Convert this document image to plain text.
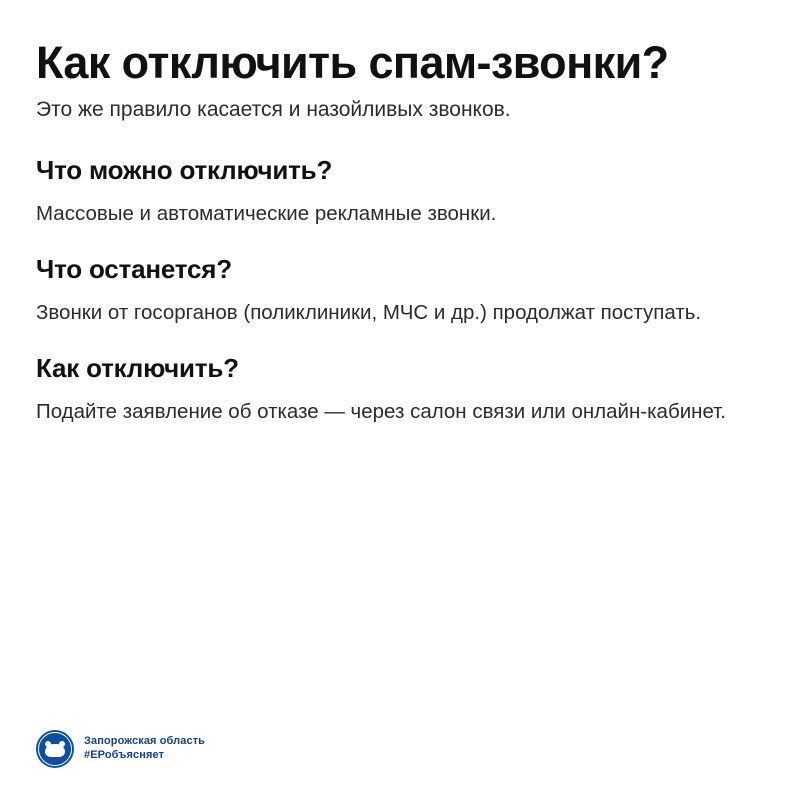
Как отключить спам-звонки?

Это же правило касается и назойливых звонков.

Что можно отключить?

Массовые и автоматические рекламные звонки.

Что останется?

Звонки от госорганов (поликлиники, МЧС и др.) продолжат поступать.

Как отключить?

Подайте заявление об отказе — через салон связи или онлайн-кабинет.

Запорожская область
#ЕРобъясняет
